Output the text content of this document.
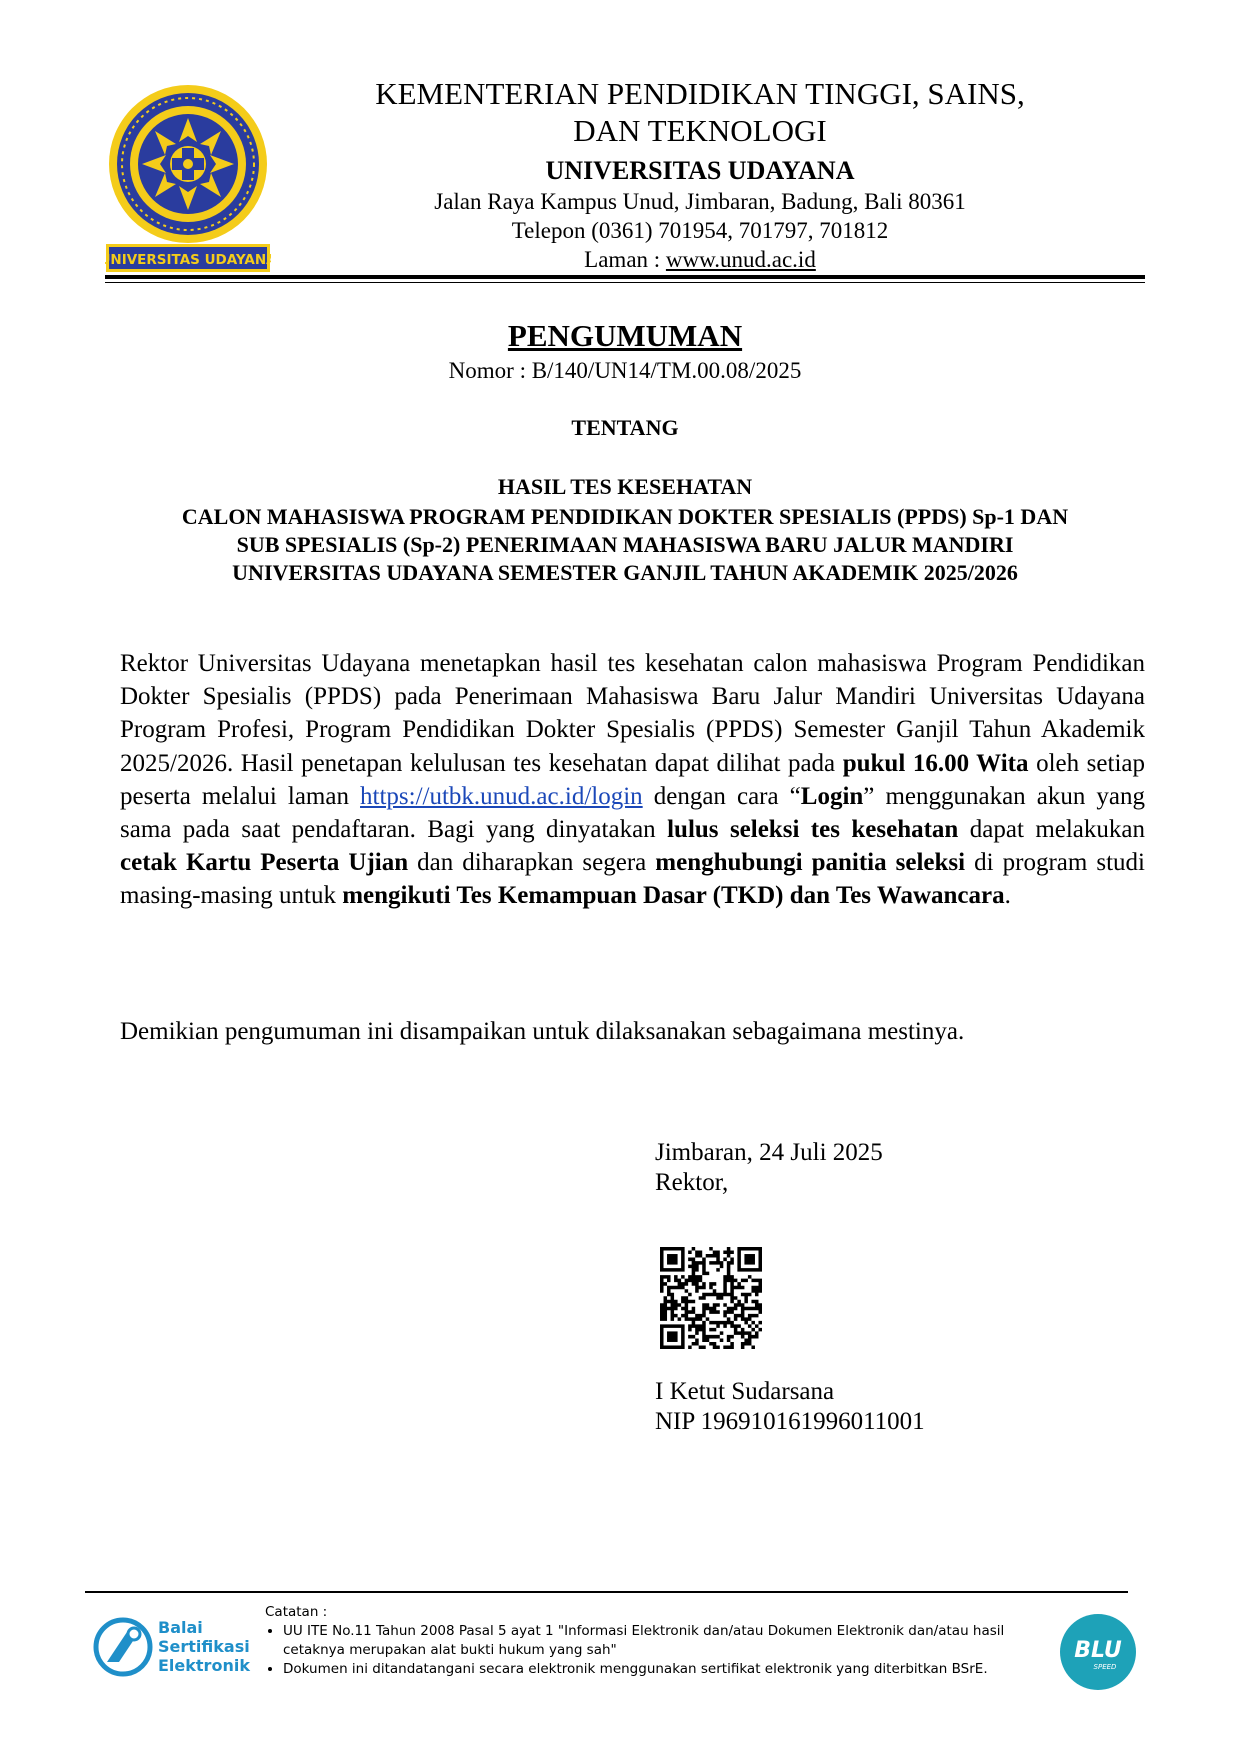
UNIVERSITAS UDAYANA
KEMENTERIAN PENDIDIKAN TINGGI, SAINS,
DAN TEKNOLOGI
UNIVERSITAS UDAYANA
Jalan Raya Kampus Unud, Jimbaran, Badung, Bali 80361
Telepon (0361) 701954, 701797, 701812
Laman : www.unud.ac.id
PENGUMUMAN
Nomor : B/140/UN14/TM.00.08/2025
TENTANG
HASIL TES KESEHATAN
CALON MAHASISWA PROGRAM PENDIDIKAN DOKTER SPESIALIS (PPDS) Sp-1 DAN
SUB SPESIALIS (Sp-2) PENERIMAAN MAHASISWA BARU JALUR MANDIRI
UNIVERSITAS UDAYANA SEMESTER GANJIL TAHUN AKADEMIK 2025/2026
Rektor Universitas Udayana menetapkan hasil tes kesehatan calon mahasiswa Program Pendidikan Dokter Spesialis (PPDS) pada Penerimaan Mahasiswa Baru Jalur Mandiri Universitas Udayana Program Profesi, Program Pendidikan Dokter Spesialis (PPDS) Semester Ganjil Tahun Akademik 2025/2026. Hasil penetapan kelulusan tes kesehatan dapat dilihat pada pukul 16.00 Wita oleh setiap peserta melalui laman https://utbk.unud.ac.id/login dengan cara “Login” menggunakan akun yang sama pada saat pendaftaran. Bagi yang dinyatakan lulus seleksi tes kesehatan dapat melakukan cetak Kartu Peserta Ujian dan diharapkan segera menghubungi panitia seleksi di program studi masing-masing untuk mengikuti Tes Kemampuan Dasar (TKD) dan Tes Wawancara.
Demikian pengumuman ini disampaikan untuk dilaksanakan sebagaimana mestinya.
Jimbaran, 24 Juli 2025
Rektor,
I Ketut Sudarsana
NIP 196910161996011001
Balai
Sertifikasi
Elektronik
Catatan :
• UU ITE No.11 Tahun 2008 Pasal 5 ayat 1 "Informasi Elektronik dan/atau Dokumen Elektronik dan/atau hasil cetaknya merupakan alat bukti hukum yang sah"
• Dokumen ini ditandatangani secara elektronik menggunakan sertifikat elektronik yang diterbitkan BSrE.
BLU
SPEED
